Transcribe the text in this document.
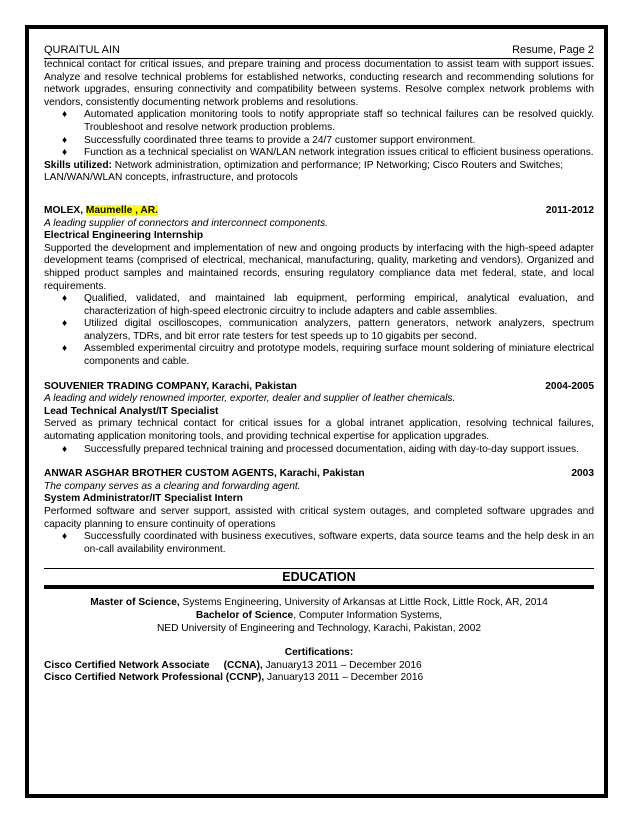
QURAITUL AIN	Resume, Page 2

technical contact for critical issues, and prepare training and process documentation to assist team with support issues. Analyze and resolve technical problems for established networks, conducting research and recommending solutions for network upgrades, ensuring connectivity and compatibility between systems. Resolve complex network problems with vendors, consistently documenting network problems and resolutions.

♦ Automated application monitoring tools to notify appropriate staff so technical failures can be resolved quickly. Troubleshoot and resolve network production problems.
♦ Successfully coordinated three teams to provide a 24/7 customer support environment.
♦ Function as a technical specialist on WAN/LAN network integration issues critical to efficient business operations.

Skills utilized: Network administration, optimization and performance; IP Networking; Cisco Routers and Switches; LAN/WAN/WLAN concepts, infrastructure, and protocols

MOLEX, Maumelle , AR.	2011-2012

A leading supplier of connectors and interconnect components.

Electrical Engineering Internship

Supported the development and implementation of new and ongoing products by interfacing with the high-speed adapter development teams (comprised of electrical, mechanical, manufacturing, quality, marketing and vendors). Organized and shipped product samples and maintained records, ensuring regulatory compliance data met federal, state, and local requirements.

♦ Qualified, validated, and maintained lab equipment, performing empirical, analytical evaluation, and characterization of high-speed electronic circuitry to include adapters and cable assemblies.
♦ Utilized digital oscilloscopes, communication analyzers, pattern generators, network analyzers, spectrum analyzers, TDRs, and bit error rate testers for test speeds up to 10 gigabits per second.
♦ Assembled experimental circuitry and prototype models, requiring surface mount soldering of miniature electrical components and cable.
SOUVENIER TRADING COMPANY, Karachi, Pakistan	2004-2005

A leading and widely renowned importer, exporter, dealer and supplier of leather chemicals.

Lead Technical Analyst/IT Specialist

Served as primary technical contact for critical issues for a global intranet application, resolving technical failures, automating application monitoring tools, and providing technical expertise for application upgrades.

♦ Successfully prepared technical training and processed documentation, aiding with day-to-day support issues.
ANWAR ASGHAR BROTHER CUSTOM AGENTS, Karachi, Pakistan	2003

The company serves as a clearing and forwarding agent.

System Administrator/IT Specialist Intern

Performed software and server support, assisted with critical system outages, and completed software upgrades and capacity planning to ensure continuity of operations

♦ Successfully coordinated with business executives, software experts, data source teams and the help desk in an on-call availability environment.
EDUCATION

Master of Science, Systems Engineering, University of Arkansas at Little Rock, Little Rock, AR, 2014

Bachelor of Science, Computer Information Systems,

NED University of Engineering and Technology, Karachi, Pakistan, 2002

Certifications:

Cisco Certified Network Associate     (CCNA), January13 2011 – December 2016

Cisco Certified Network Professional (CCNP), January13 2011 – December 2016
